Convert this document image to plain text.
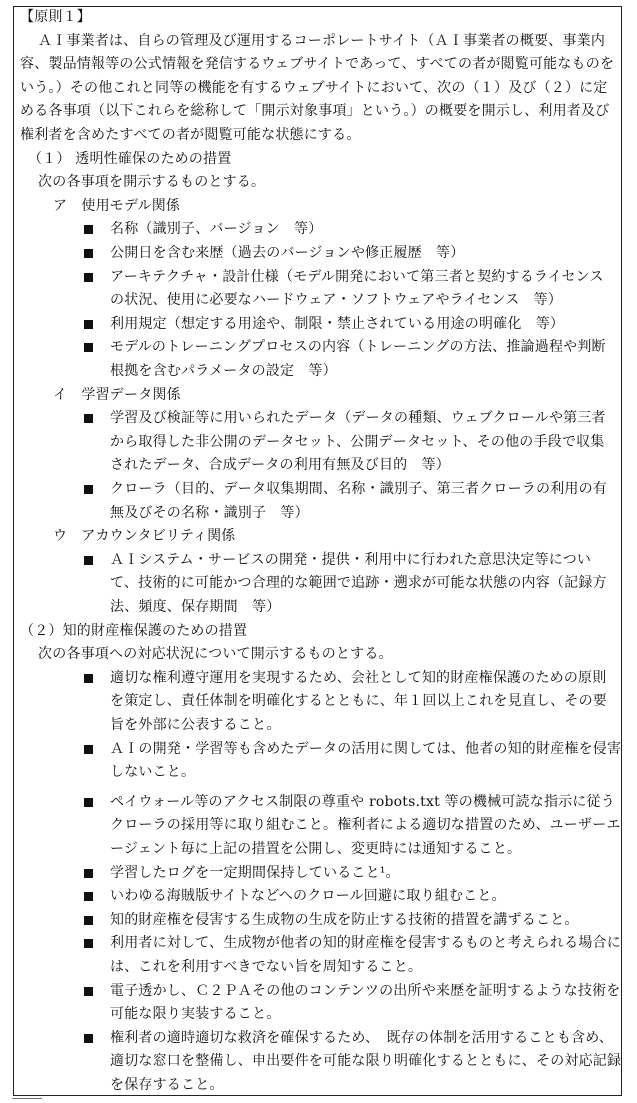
【原則１】
ＡＩ事業者は、自らの管理及び運用するコーポレートサイト（ＡＩ事業者の概要、事業内
容、製品情報等の公式情報を発信するウェブサイトであって、すべての者が閲覧可能なものを
いう。）その他これと同等の機能を有するウェブサイトにおいて、次の（１）及び（２）に定
める各事項（以下これらを総称して「開示対象事項」という。）の概要を開示し、利用者及び
権利者を含めたすべての者が閲覧可能な状態にする。
（１） 透明性確保のための措置
次の各事項を開示するものとする。
ア　使用モデル関係
名称（識別子、バージョン　等）
公開日を含む来歴（過去のバージョンや修正履歴　等）
アーキテクチャ・設計仕様（モデル開発において第三者と契約するライセンス
の状況、使用に必要なハードウェア・ソフトウェアやライセンス　等）
利用規定（想定する用途や、制限・禁止されている用途の明確化　等）
モデルのトレーニングプロセスの内容（トレーニングの方法、推論過程や判断
根拠を含むパラメータの設定　等）
イ　学習データ関係
学習及び検証等に用いられたデータ（データの種類、ウェブクロールや第三者
から取得した非公開のデータセット、公開データセット、その他の手段で収集
されたデータ、合成データの利用有無及び目的　等）
クローラ（目的、データ収集期間、名称・識別子、第三者クローラの利用の有
無及びその名称・識別子　等）
ウ　アカウンタビリティ関係
ＡＩシステム・サービスの開発・提供・利用中に行われた意思決定等につい
て、技術的に可能かつ合理的な範囲で追跡・遡求が可能な状態の内容（記録方
法、頻度、保存期間　等）
（２）知的財産権保護のための措置
次の各事項への対応状況について開示するものとする。
適切な権利遵守運用を実現するため、会社として知的財産権保護のための原則
を策定し、責任体制を明確化するとともに、年１回以上これを見直し、その要
旨を外部に公表すること。
ＡＩの開発・学習等も含めたデータの活用に関しては、他者の知的財産権を侵害
しないこと。
ペイウォール等のアクセス制限の尊重や robots.txt 等の機械可読な指示に従う
クローラの採用等に取り組むこと。権利者による適切な措置のため、ユーザーエ
ージェント毎に上記の措置を公開し、変更時には通知すること。
学習したログを一定期間保持していること¹。
いわゆる海賊版サイトなどへのクロール回避に取り組むこと。
知的財産権を侵害する生成物の生成を防止する技術的措置を講ずること。
利用者に対して、生成物が他者の知的財産権を侵害するものと考えられる場合に
は、これを利用すべきでない旨を周知すること。
電子透かし、Ｃ２ＰＡその他のコンテンツの出所や来歴を証明するような技術を
可能な限り実装すること。
権利者の適時適切な救済を確保するため、　既存の体制を活用することも含め、
適切な窓口を整備し、申出要件を可能な限り明確化するとともに、その対応記録
を保存すること。
